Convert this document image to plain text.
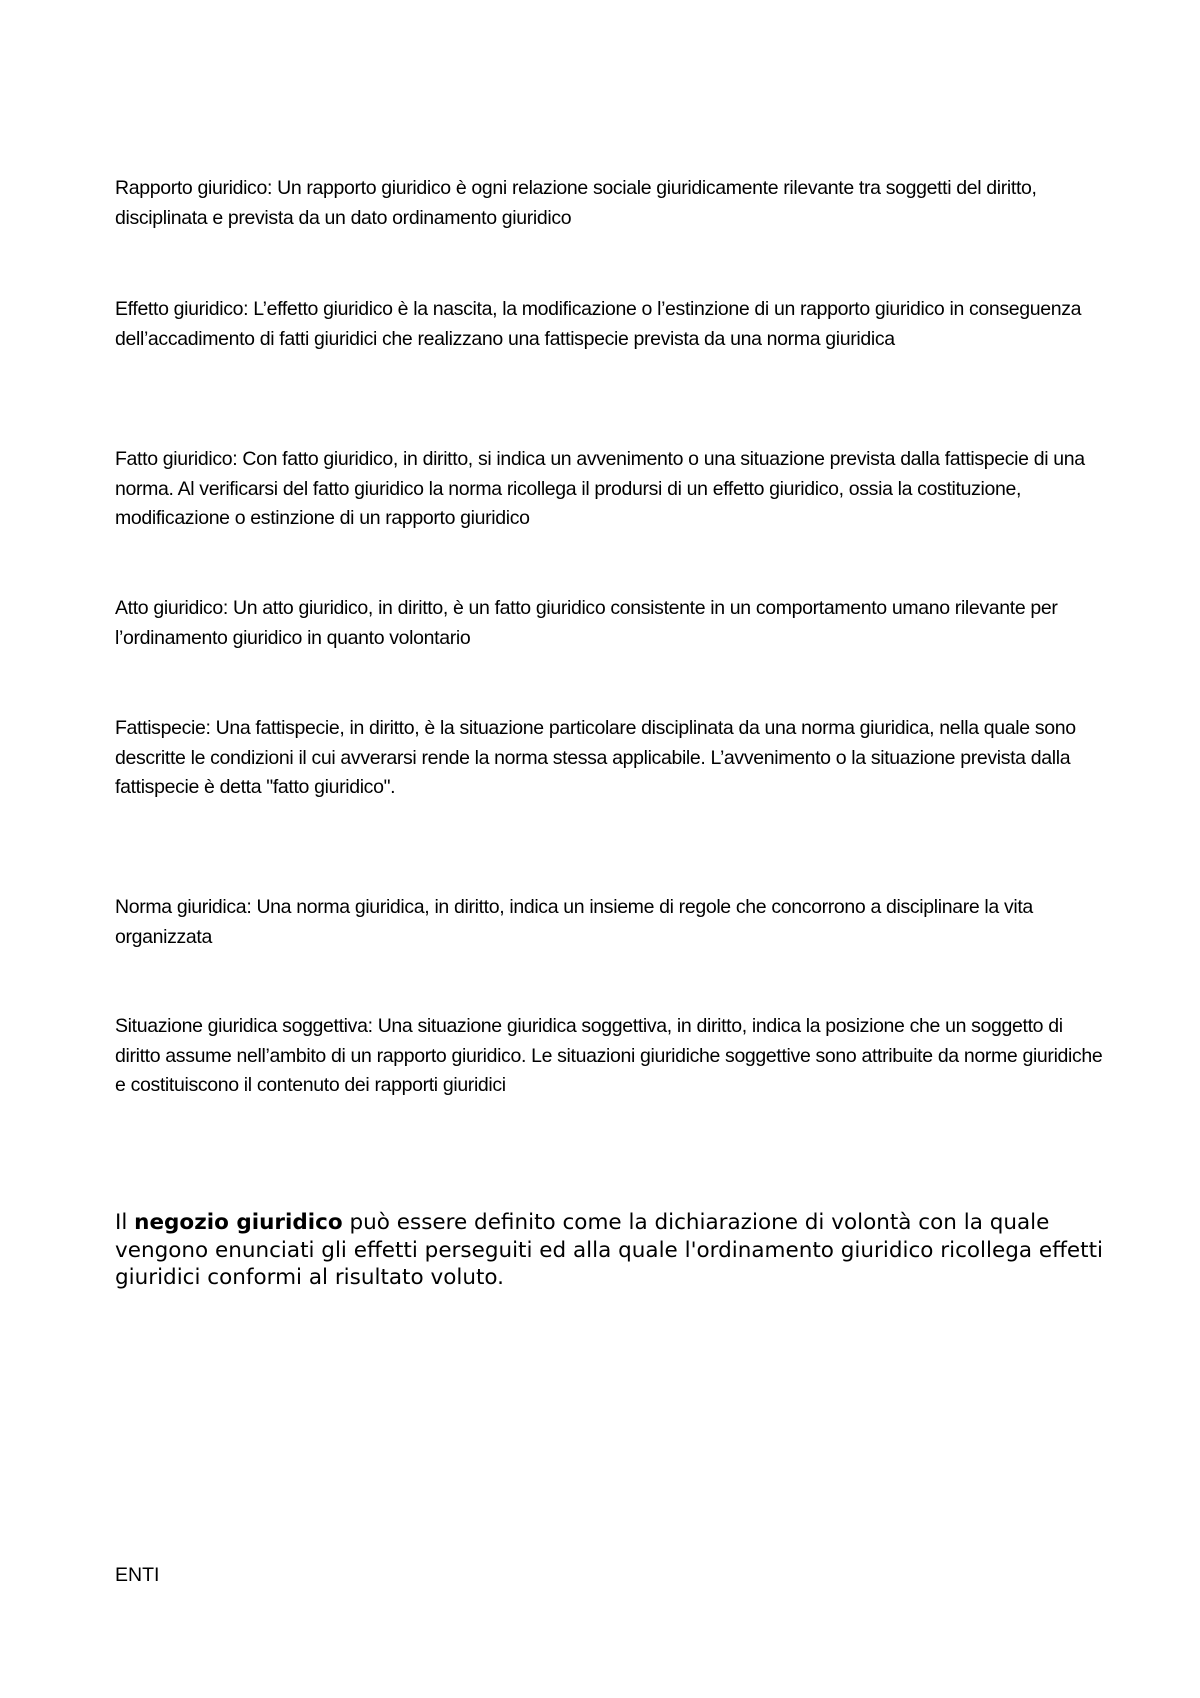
Rapporto giuridico: Un rapporto giuridico è ogni relazione sociale giuridicamente rilevante tra soggetti del diritto, disciplinata e prevista da un dato ordinamento giuridico
Effetto giuridico: L’effetto giuridico è la nascita, la modificazione o l’estinzione di un rapporto giuridico in conseguenza dell’accadimento di fatti giuridici che realizzano una fattispecie prevista da una norma giuridica
Fatto giuridico: Con fatto giuridico, in diritto, si indica un avvenimento o una situazione prevista dalla fattispecie di una norma. Al verificarsi del fatto giuridico la norma ricollega il prodursi di un effetto giuridico, ossia la costituzione, modificazione o estinzione di un rapporto giuridico
Atto giuridico: Un atto giuridico, in diritto, è un fatto giuridico consistente in un comportamento umano rilevante per l’ordinamento giuridico in quanto volontario
Fattispecie: Una fattispecie, in diritto, è la situazione particolare disciplinata da una norma giuridica, nella quale sono descritte le condizioni il cui avverarsi rende la norma stessa applicabile. L’avvenimento o la situazione prevista dalla fattispecie è detta "fatto giuridico".
Norma giuridica: Una norma giuridica, in diritto, indica un insieme di regole che concorrono a disciplinare la vita organizzata
Situazione giuridica soggettiva: Una situazione giuridica soggettiva, in diritto, indica la posizione che un soggetto di diritto assume nell’ambito di un rapporto giuridico. Le situazioni giuridiche soggettive sono attribuite da norme giuridiche e costituiscono il contenuto dei rapporti giuridici
Il negozio giuridico può essere definito come la dichiarazione di volontà con la quale vengono enunciati gli effetti perseguiti ed alla quale l'ordinamento giuridico ricollega effetti giuridici conformi al risultato voluto.
ENTI
